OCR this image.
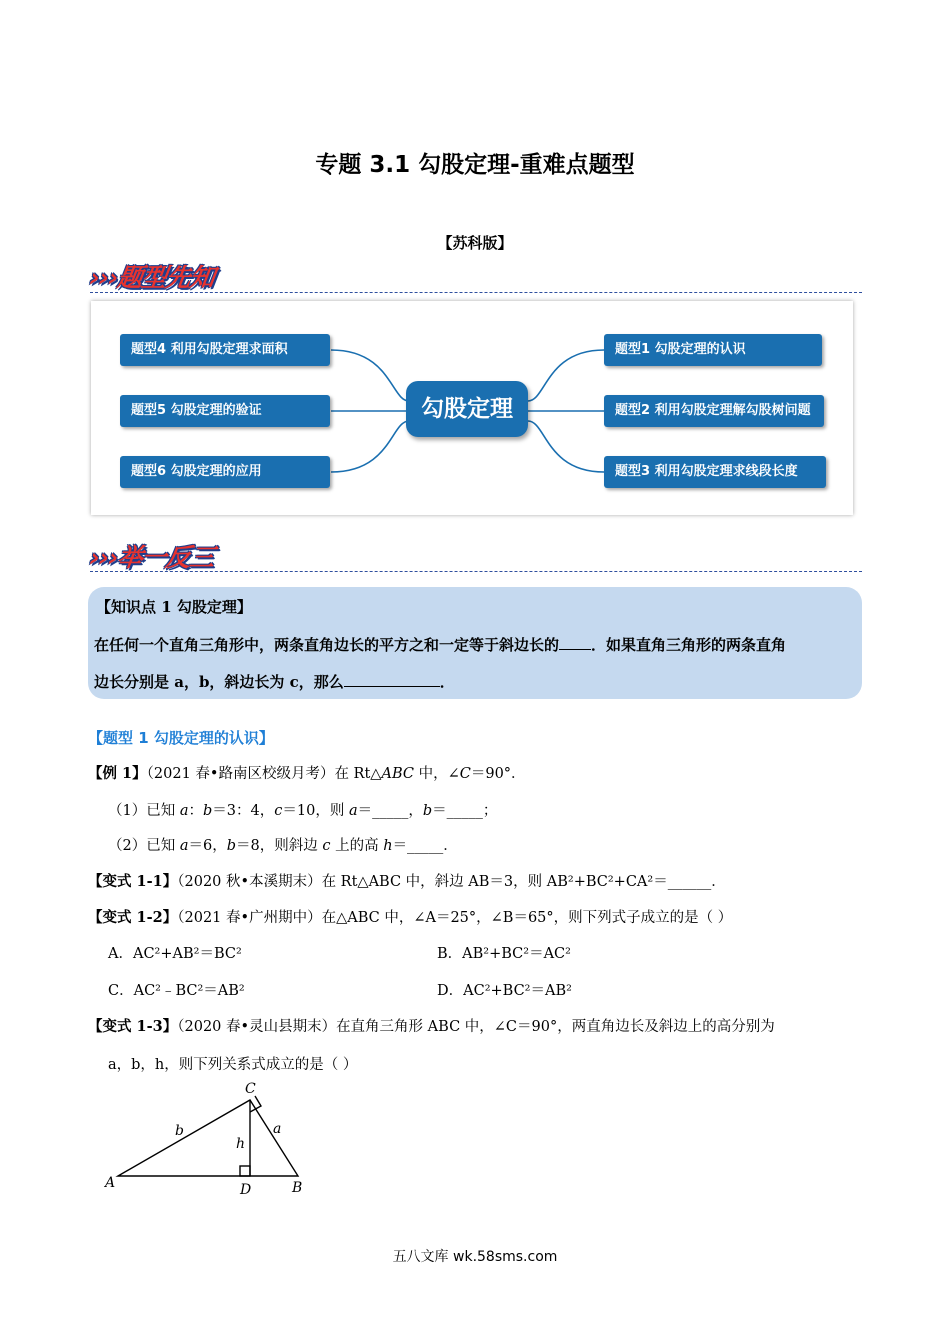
专题 3.1 勾股定理-重难点题型
【苏科版】
›››题型先知
勾股定理
题型4 利用勾股定理求面积
题型5 勾股定理的验证
题型6 勾股定理的应用
题型1 勾股定理的认识
题型2 利用勾股定理解勾股树问题
题型3 利用勾股定理求线段长度
›››举一反三
【知识点 1 勾股定理】
在任何一个直角三角形中，两条直角边长的平方之和一定等于斜边长的 ．如果直角三角形的两条直角
边长分别是 a，b，斜边长为 c，那么	．
【题型 1 勾股定理的认识】
【例 1】（2021 春•路南区校级月考）在 Rt△ABC 中，∠C＝90°．
（1）已知 a：b＝3：4，c＝10，则 a＝_____，b＝_____；
（2）已知 a＝6，b＝8，则斜边 c 上的高 h＝_____．
【变式 1-1】（2020 秋•本溪期末）在 Rt△ABC 中，斜边 AB＝3，则 AB²+BC²+CA²＝______．
【变式 1-2】（2021 春•广州期中）在△ABC 中，∠A＝25°，∠B＝65°，则下列式子成立的是（ ）
A．AC²+AB²＝BC²	B．AB²+BC²＝AC²
C．AC²﹣BC²＝AB²	D．AC²+BC²＝AB²
【变式 1-3】（2020 春•灵山县期末）在直角三角形 ABC 中，∠C＝90°，两直角边长及斜边上的高分别为
a，b，h，则下列关系式成立的是（ ）
C
A	D	B
b	a
h
五八文库 wk.58sms.com
